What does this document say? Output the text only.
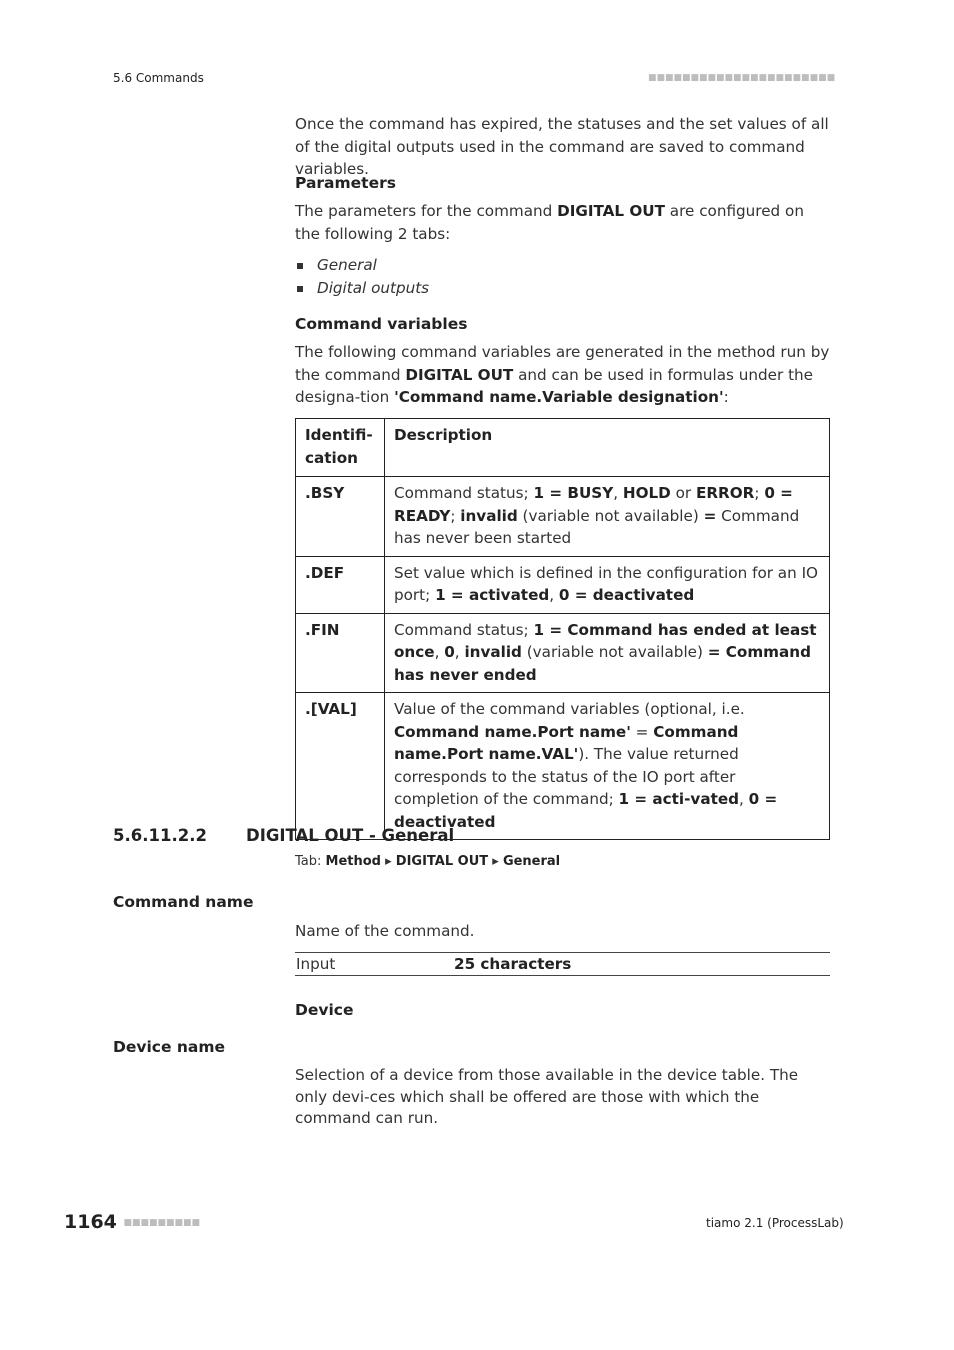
5.6 Commands	■■■■■■■■■■■■■■■■■■■■■■
Once the command has expired, the statuses and the set values of all of the digital outputs used in the command are saved to command variables.
Parameters
The parameters for the command DIGITAL OUT are configured on the following 2 tabs:
General
Digital outputs
Command variables
The following command variables are generated in the method run by the command DIGITAL OUT and can be used in formulas under the designa-tion 'Command name.Variable designation':
Identifi-cation	Description
.BSY	Command status; 1 = BUSY, HOLD or ERROR; 0 = READY; invalid (variable not available) = Command has never been started
.DEF	Set value which is defined in the configuration for an IO port; 1 = activated, 0 = deactivated
.FIN	Command status; 1 = Command has ended at least once, 0, invalid (variable not available) = Command has never ended
.[VAL]	Value of the command variables (optional, i.e. Command name.Port name' = Command name.Port name.VAL'). The value returned corresponds to the status of the IO port after completion of the command; 1 = acti-vated, 0 = deactivated
5.6.11.2.2 DIGITAL OUT - General
Tab: Method ▸ DIGITAL OUT ▸ General
Command name
Name of the command.
Input	25 characters
Device
Device name
Selection of a device from those available in the device table. The only devi-ces which shall be offered are those with which the command can run.
1164 ■■■■■■■■■	tiamo 2.1 (ProcessLab)
